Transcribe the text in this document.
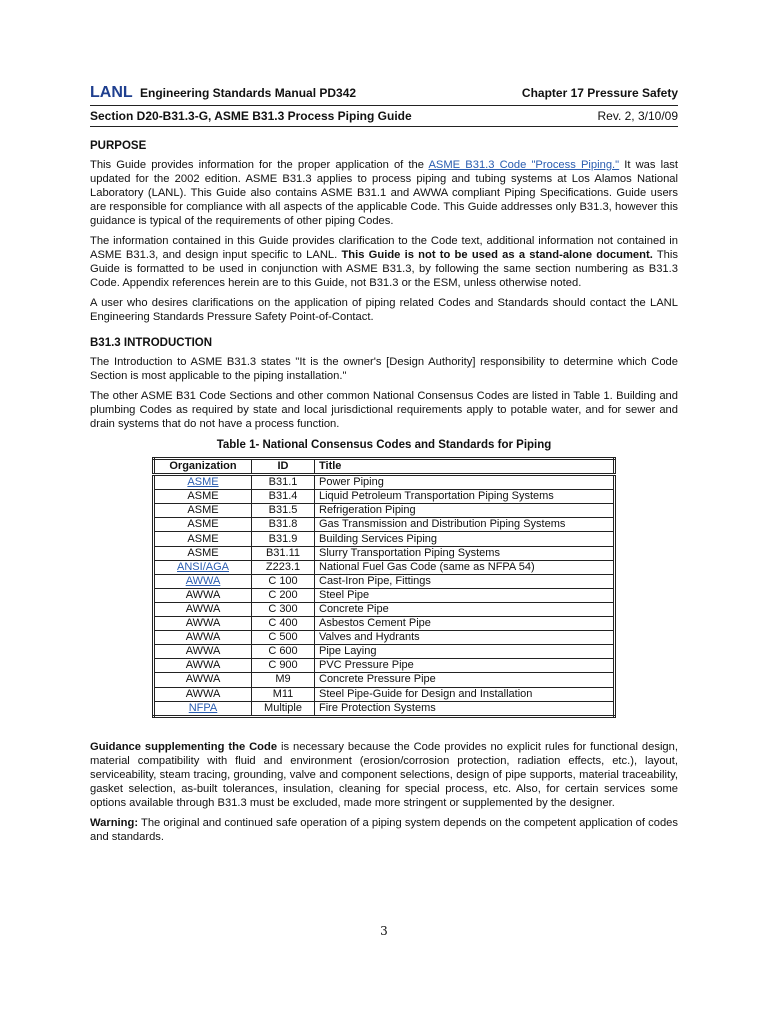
LANL Engineering Standards Manual PD342	Chapter 17 Pressure Safety
Section D20-B31.3-G, ASME B31.3 Process Piping Guide	Rev. 2, 3/10/09
PURPOSE

This Guide provides information for the proper application of the ASME B31.3 Code "Process Piping." It was last updated for the 2002 edition. ASME B31.3 applies to process piping and tubing systems at Los Alamos National Laboratory (LANL). This Guide also contains ASME B31.1 and AWWA compliant Piping Specifications. Guide users are responsible for compliance with all aspects of the applicable Code. This Guide addresses only B31.3, however this guidance is typical of the requirements of other piping Codes.

The information contained in this Guide provides clarification to the Code text, additional information not contained in ASME B31.3, and design input specific to LANL. This Guide is not to be used as a stand-alone document. This Guide is formatted to be used in conjunction with ASME B31.3, by following the same section numbering as B31.3 Code. Appendix references herein are to this Guide, not B31.3 or the ESM, unless otherwise noted.

A user who desires clarifications on the application of piping related Codes and Standards should contact the LANL Engineering Standards Pressure Safety Point-of-Contact.

B31.3 INTRODUCTION

The Introduction to ASME B31.3 states "It is the owner's [Design Authority] responsibility to determine which Code Section is most applicable to the piping installation."

The other ASME B31 Code Sections and other common National Consensus Codes are listed in Table 1. Building and plumbing Codes as required by state and local jurisdictional requirements apply to potable water, and for sewer and drain systems that do not have a process function.

Table 1- National Consensus Codes and Standards for Piping
Organization	ID	Title
ASME	B31.1	Power Piping
ASME	B31.4	Liquid Petroleum Transportation Piping Systems
ASME	B31.5	Refrigeration Piping
ASME	B31.8	Gas Transmission and Distribution Piping Systems
ASME	B31.9	Building Services Piping
ASME	B31.11	Slurry Transportation Piping Systems
ANSI/AGA	Z223.1	National Fuel Gas Code (same as NFPA 54)
AWWA	C 100	Cast-Iron Pipe, Fittings
AWWA	C 200	Steel Pipe
AWWA	C 300	Concrete Pipe
AWWA	C 400	Asbestos Cement Pipe
AWWA	C 500	Valves and Hydrants
AWWA	C 600	Pipe Laying
AWWA	C 900	PVC Pressure Pipe
AWWA	M9	Concrete Pressure Pipe
AWWA	M11	Steel Pipe-Guide for Design and Installation
NFPA	Multiple	Fire Protection Systems

Guidance supplementing the Code is necessary because the Code provides no explicit rules for functional design, material compatibility with fluid and environment (erosion/corrosion protection, radiation effects, etc.), layout, serviceability, steam tracing, grounding, valve and component selections, design of pipe supports, material traceability, gasket selection, as-built tolerances, insulation, cleaning for special process, etc. Also, for certain services some options available through B31.3 must be excluded, made more stringent or supplemented by the designer.

Warning: The original and continued safe operation of a piping system depends on the competent application of codes and standards.

3
